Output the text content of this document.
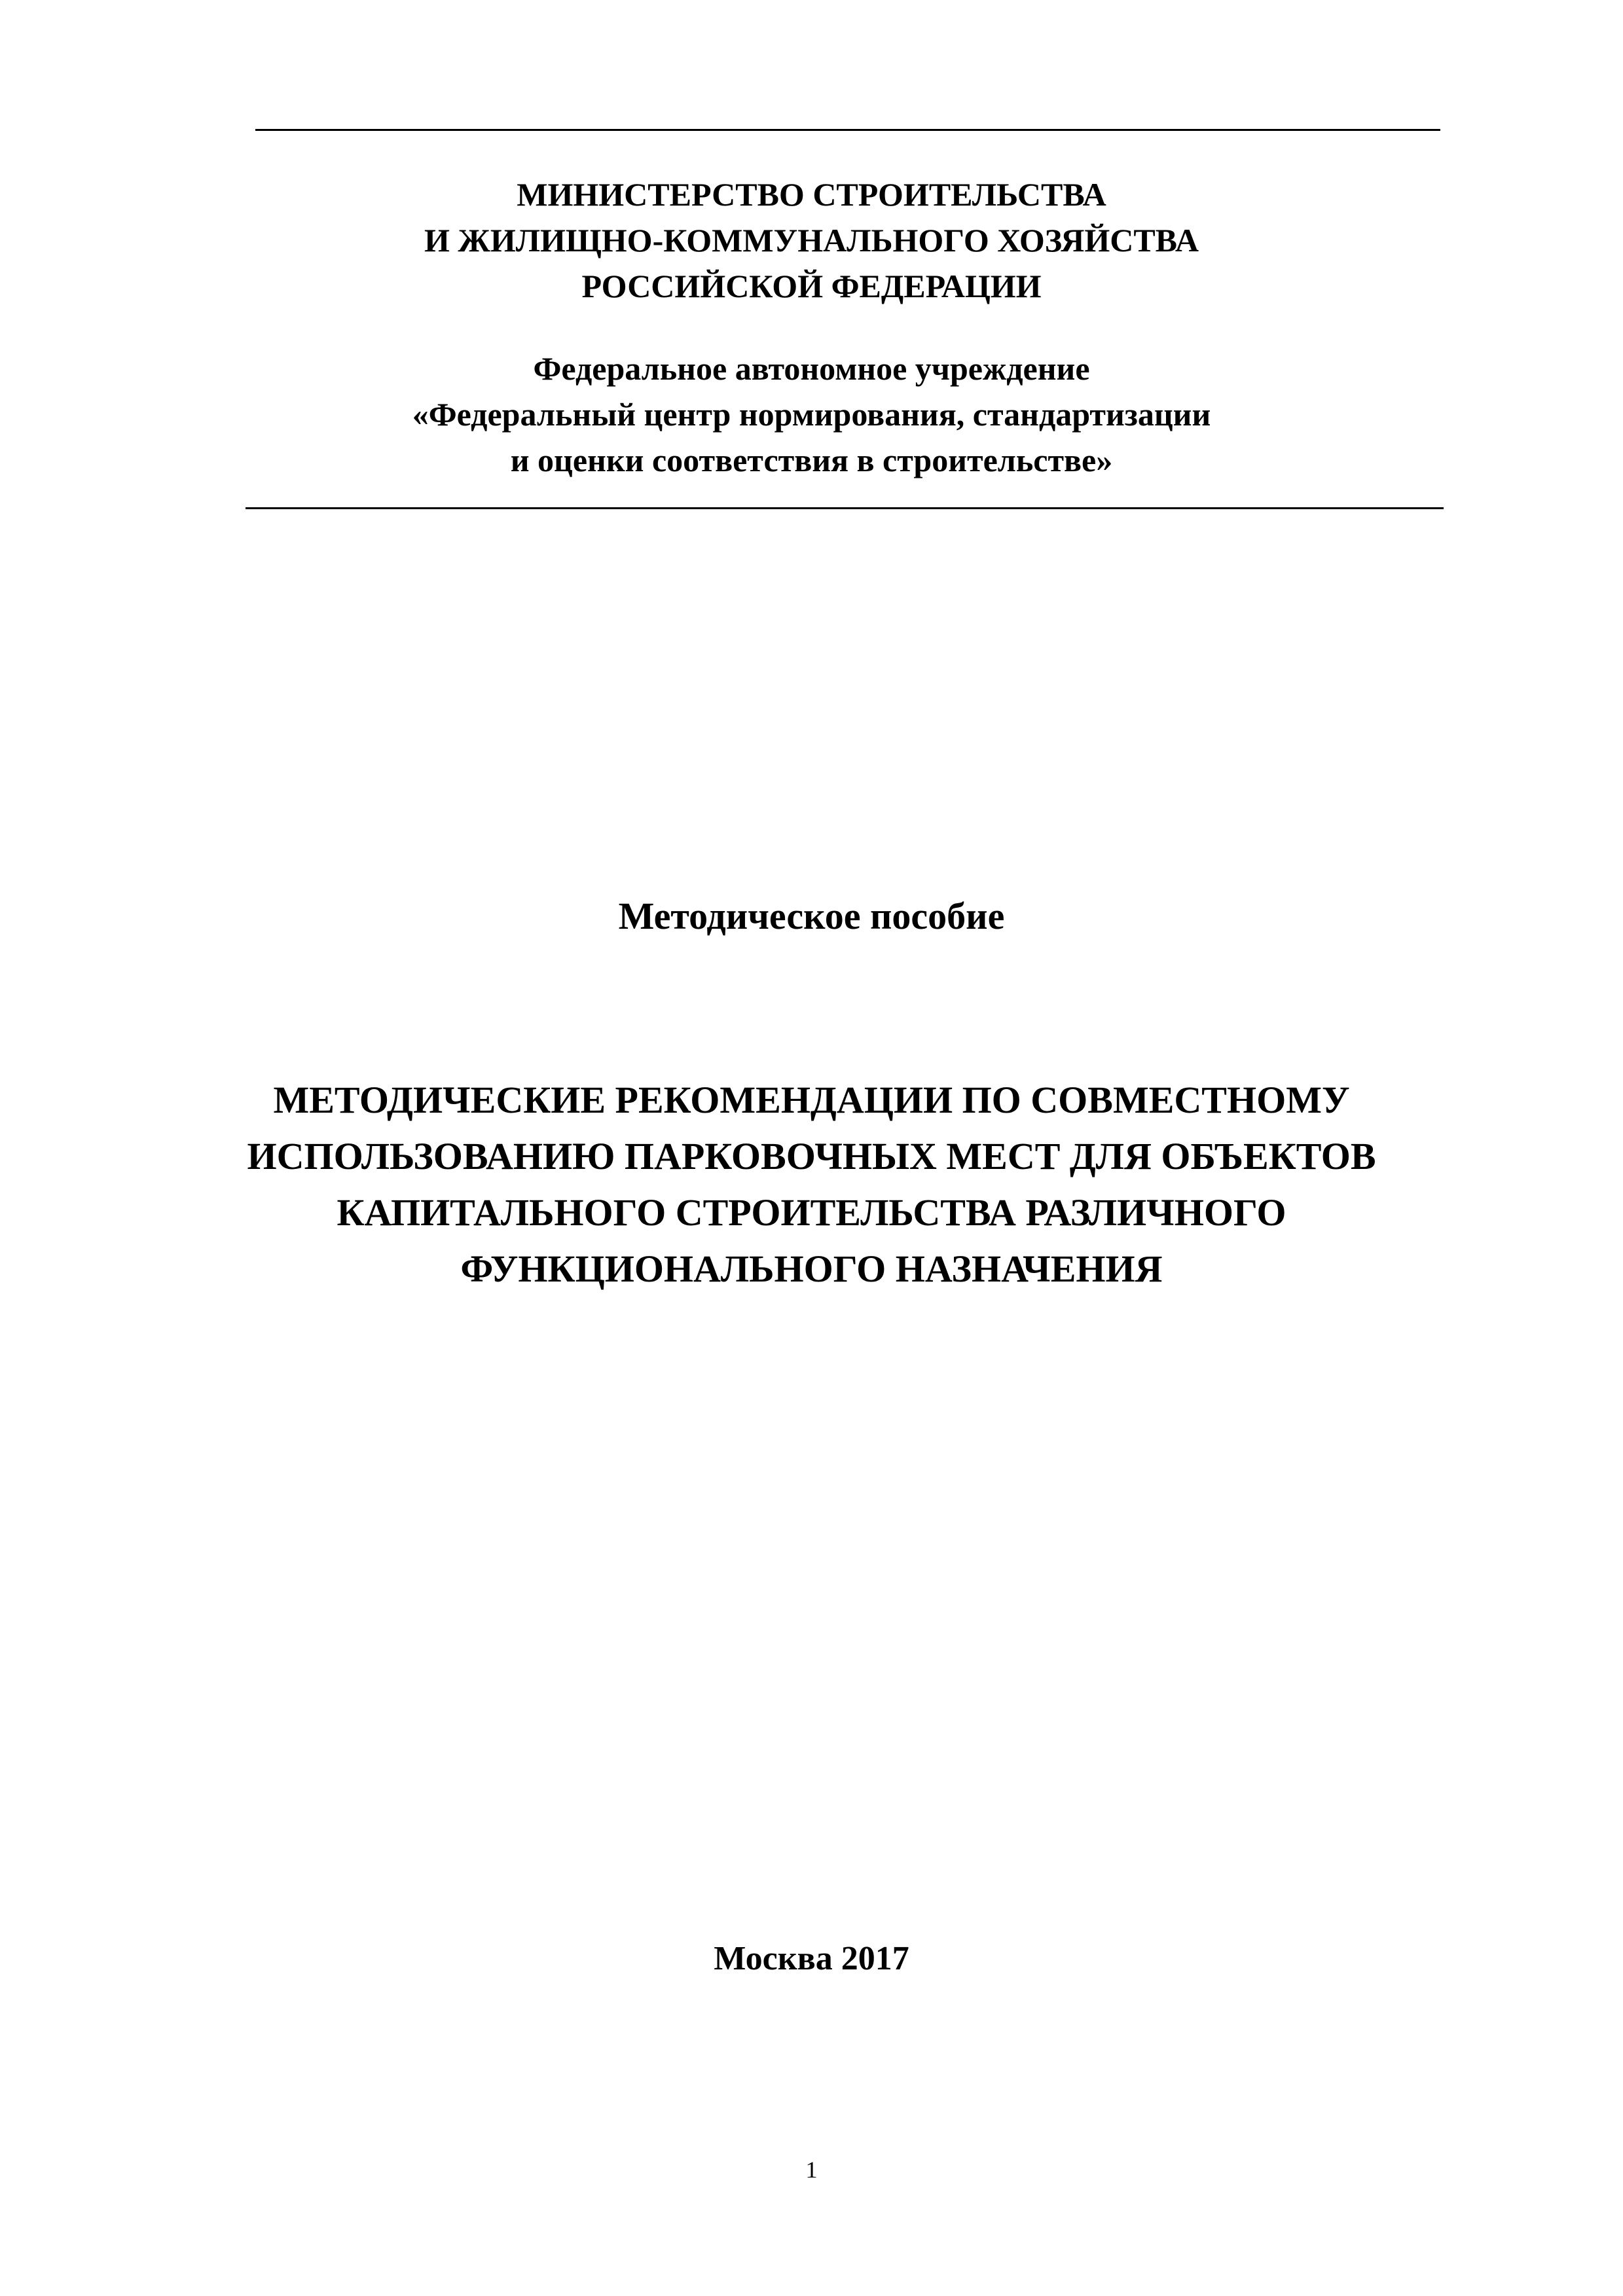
МИНИСТЕРСТВО СТРОИТЕЛЬСТВА
И ЖИЛИЩНО-КОММУНАЛЬНОГО ХОЗЯЙСТВА
РОССИЙСКОЙ ФЕДЕРАЦИИ
Федеральное автономное учреждение
«Федеральный центр нормирования, стандартизации
и оценки соответствия в строительстве»
Методическое пособие
МЕТОДИЧЕСКИЕ РЕКОМЕНДАЦИИ ПО СОВМЕСТНОМУ
ИСПОЛЬЗОВАНИЮ ПАРКОВОЧНЫХ МЕСТ ДЛЯ ОБЪЕКТОВ
КАПИТАЛЬНОГО СТРОИТЕЛЬСТВА РАЗЛИЧНОГО
ФУНКЦИОНАЛЬНОГО НАЗНАЧЕНИЯ
Москва 2017
1
